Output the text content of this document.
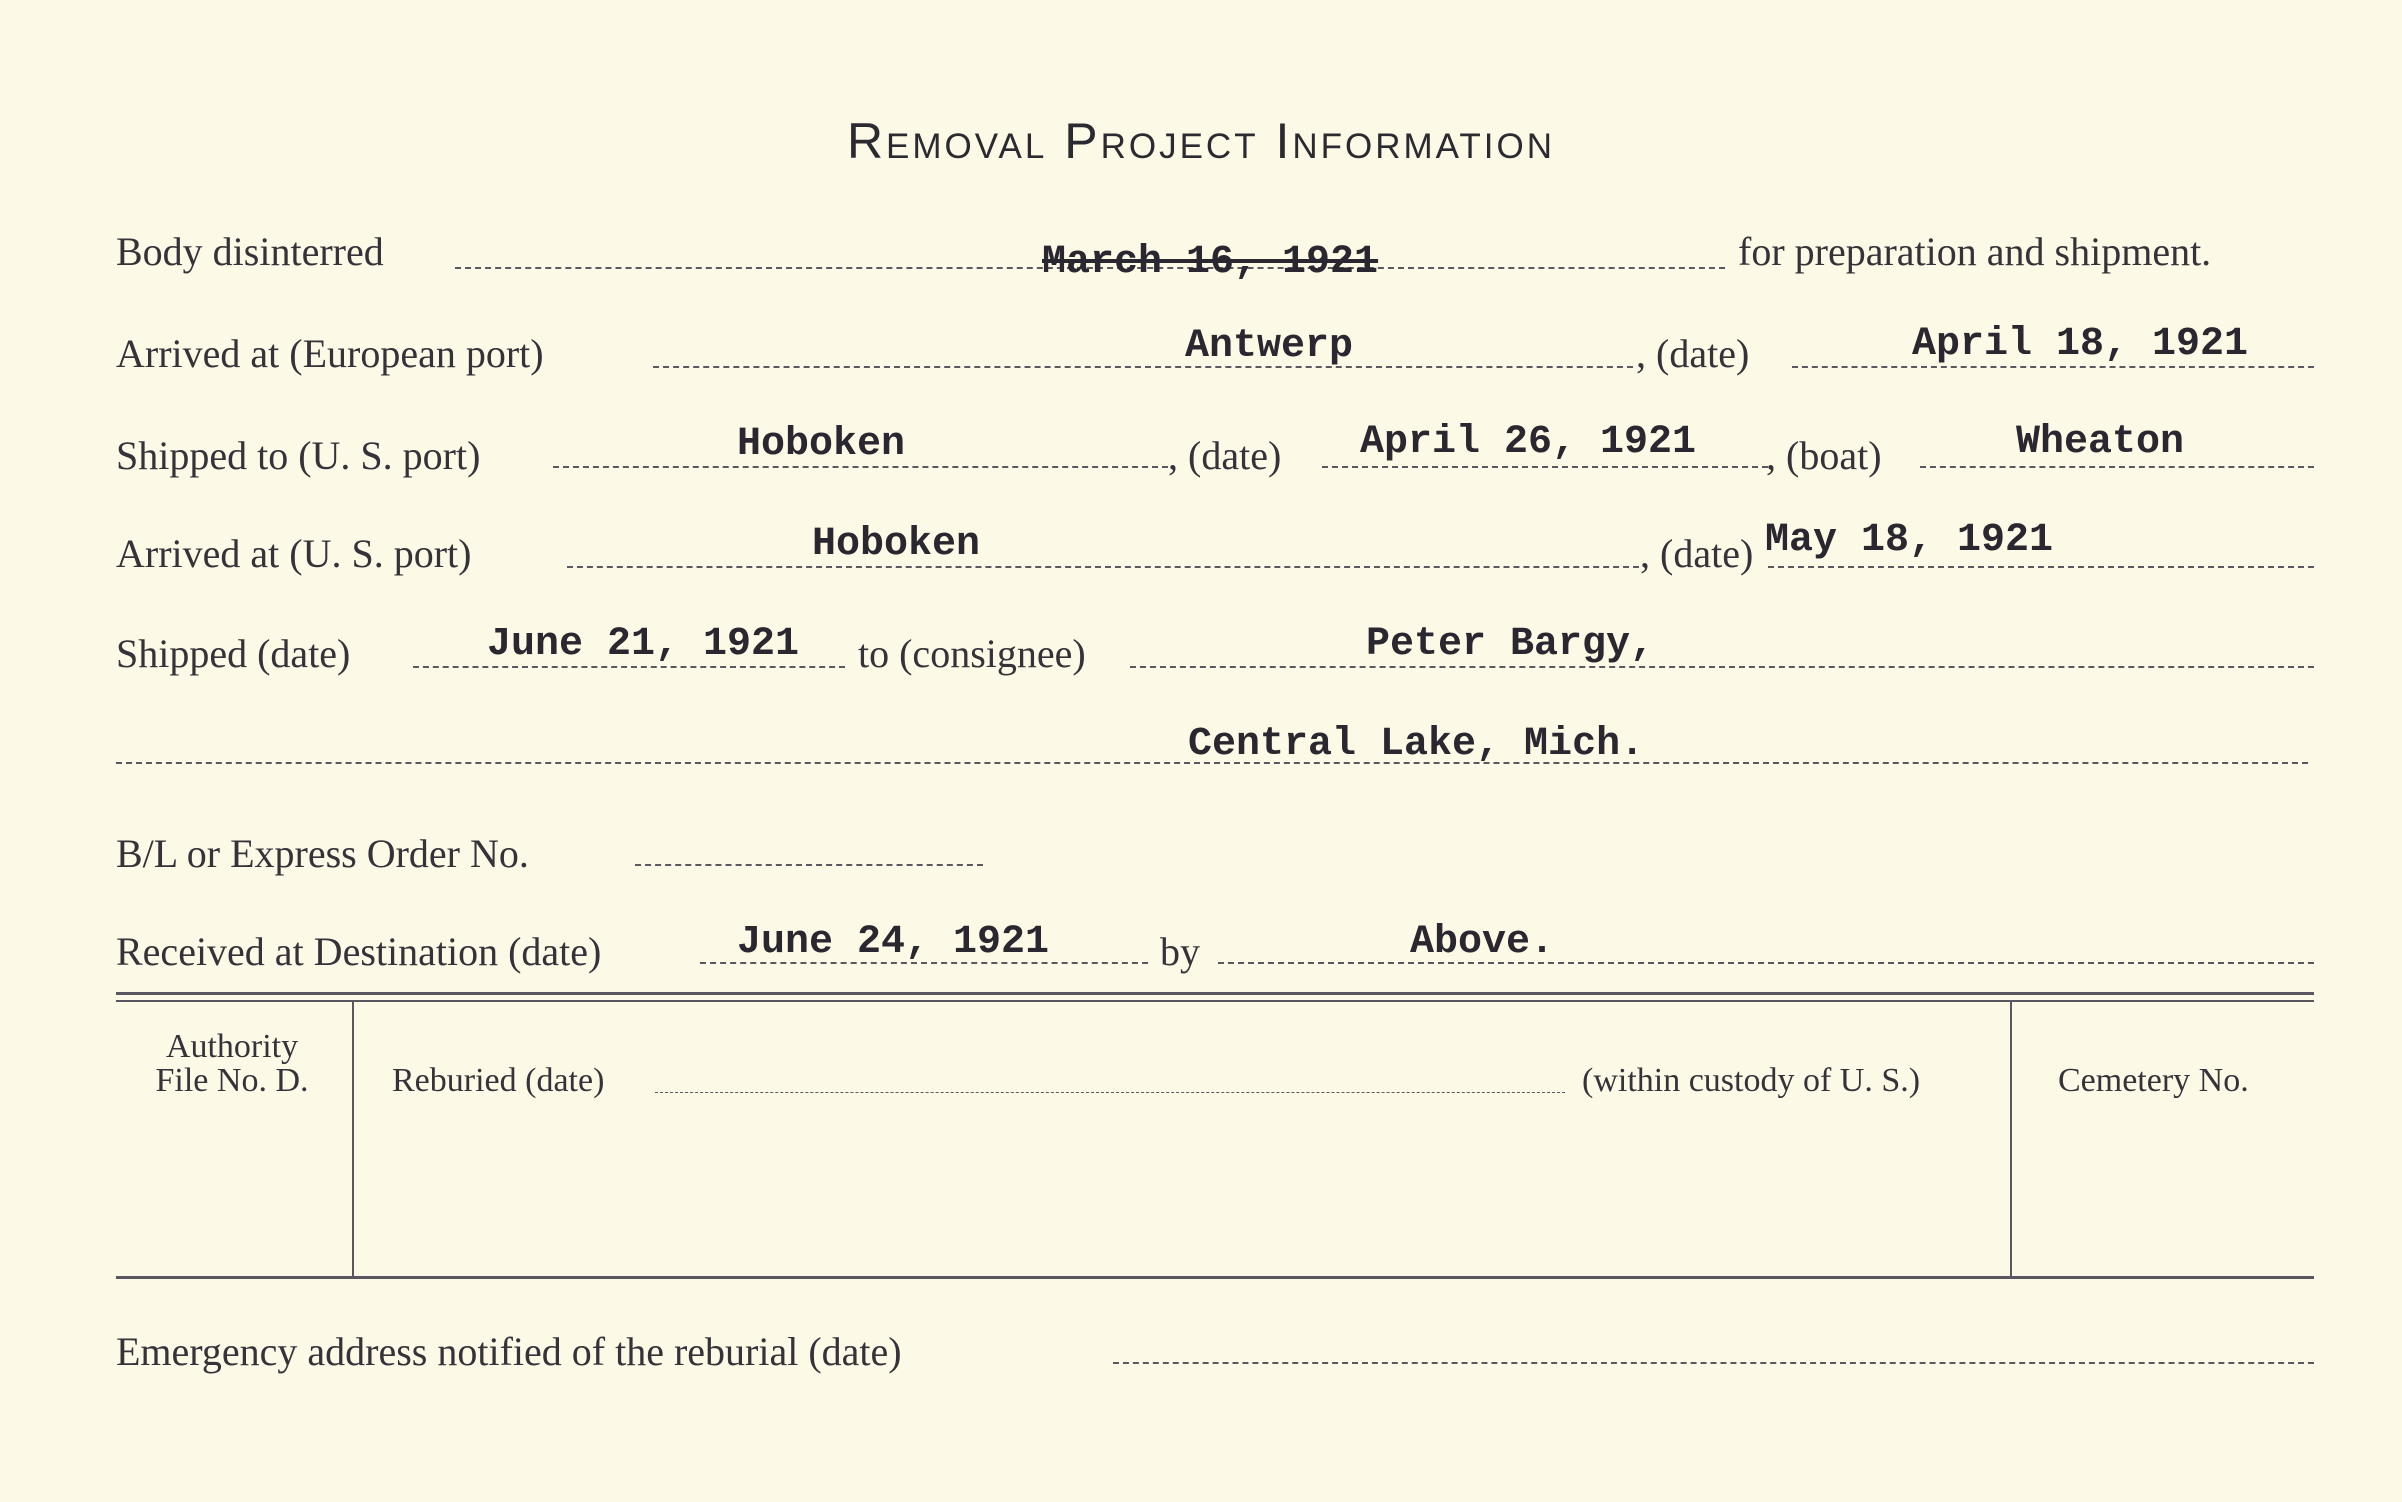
Removal Project Information
Body disinterred	March 16, 1921	for preparation and shipment.
Arrived at (European port)	Antwerp	, (date)	April 18, 1921
Shipped to (U. S. port)	Hoboken	, (date) April 26, 1921 , (boat)	Wheaton
Arrived at (U. S. port)	Hoboken	, (date) May 18, 1921
Shipped (date)	June 21, 1921 to (consignee)	Peter Bargy,
Central Lake, Mich.
B/L or Express Order No.
Received at Destination (date)	June 24, 1921	by	Above.
Authority
File No. D.	Reburied (date)	(within custody of U. S.)	Cemetery No.
Emergency address notified of the reburial (date)
